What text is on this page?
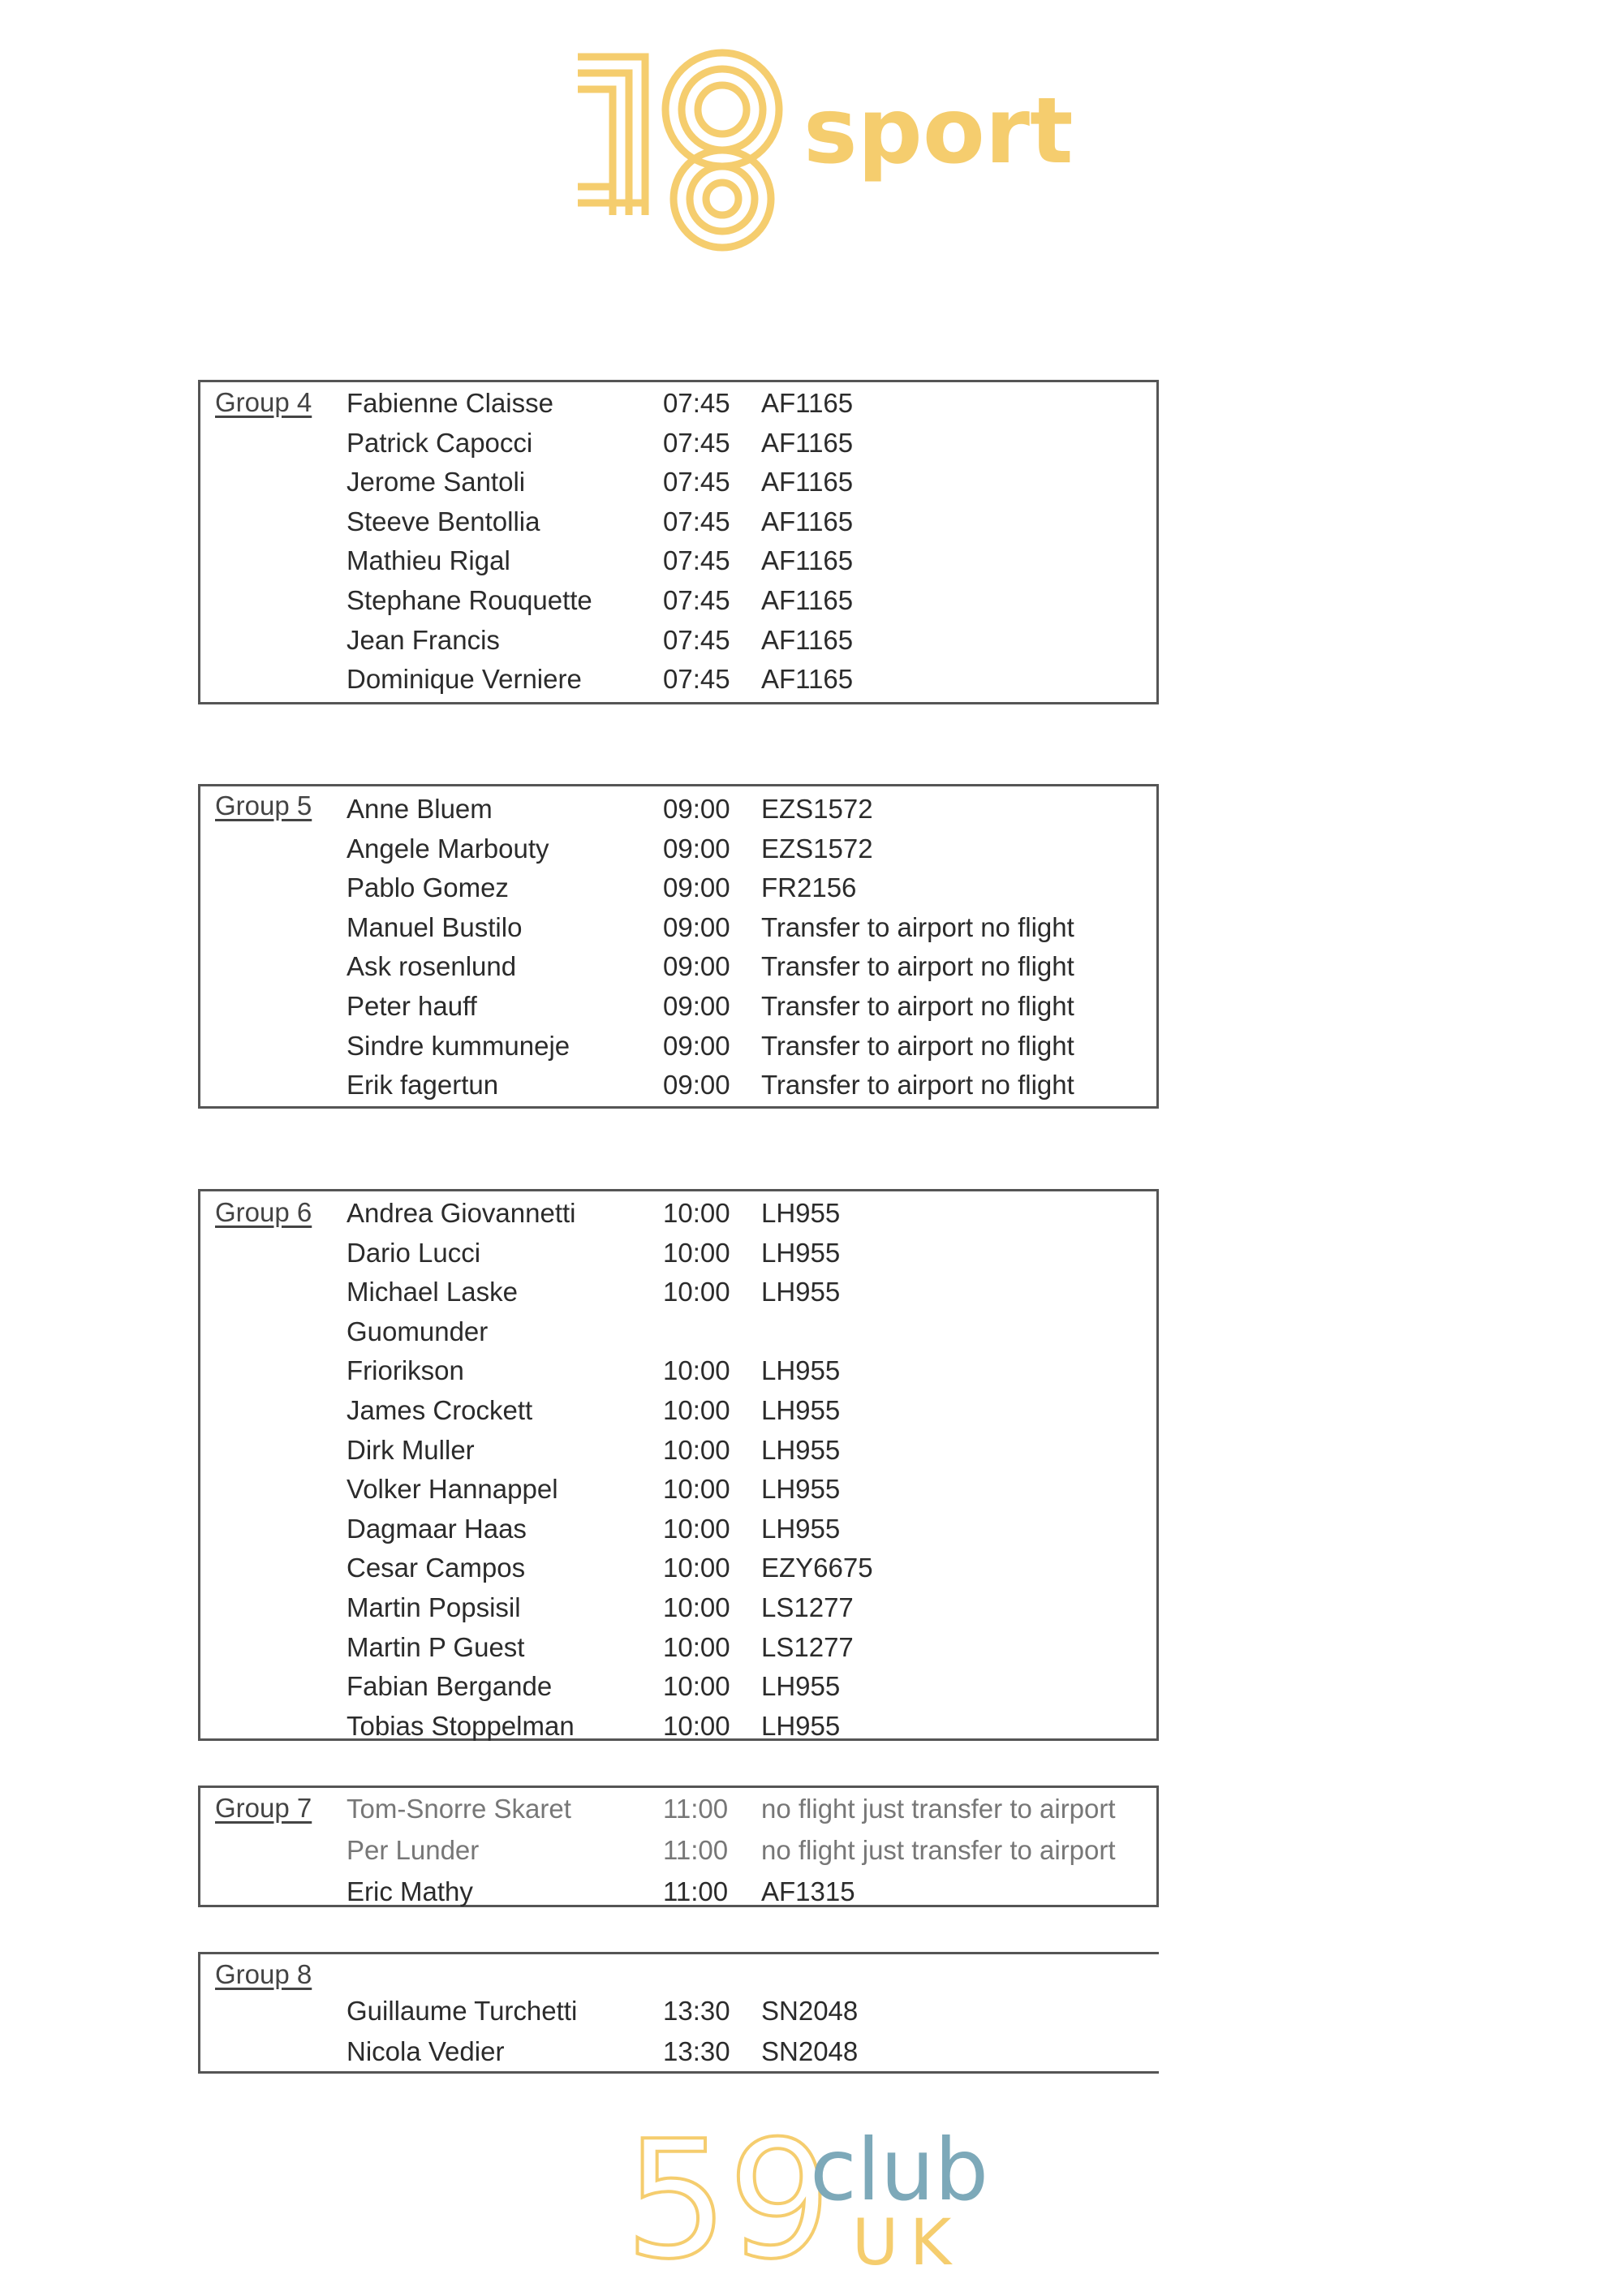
sport
Group 4 Fabienne Claisse	07:45 AF1165
Patrick Capocci	07:45 AF1165
Jerome Santoli	07:45 AF1165
Steeve Bentollia	07:45 AF1165
Mathieu Rigal	07:45 AF1165
Stephane Rouquette	07:45 AF1165
Jean Francis	07:45 AF1165
Dominique Verniere	07:45 AF1165
Group 5 Anne Bluem	09:00 EZS1572
Angele Marbouty	09:00 EZS1572
Pablo Gomez	09:00 FR2156
Manuel Bustilo	09:00 Transfer to airport no flight
Ask rosenlund	09:00 Transfer to airport no flight
Peter hauff	09:00 Transfer to airport no flight
Sindre kummuneje	09:00 Transfer to airport no flight
Erik fagertun	09:00 Transfer to airport no flight
Group 6 Andrea Giovannetti	10:00 LH955
Dario Lucci	10:00 LH955
Michael Laske	10:00 LH955
Guomunder
Friorikson	10:00 LH955
James Crockett	10:00 LH955
Dirk Muller	10:00 LH955
Volker Hannappel	10:00 LH955
Dagmaar Haas	10:00 LH955
Cesar Campos	10:00 EZY6675
Martin Popsisil	10:00 LS1277
Martin P Guest	10:00 LS1277
Fabian Bergande	10:00 LH955
Tobias Stoppelman	10:00 LH955
Group 7 Tom-Snorre Skaret	11:00 no flight just transfer to airport
Per Lunder	11:00 no flight just transfer to airport
Eric Mathy	11:00 AF1315
Group 8
Guillaume Turchetti	13:30 SN2048
Nicola Vedier	13:30 SN2048
59
club
UK
